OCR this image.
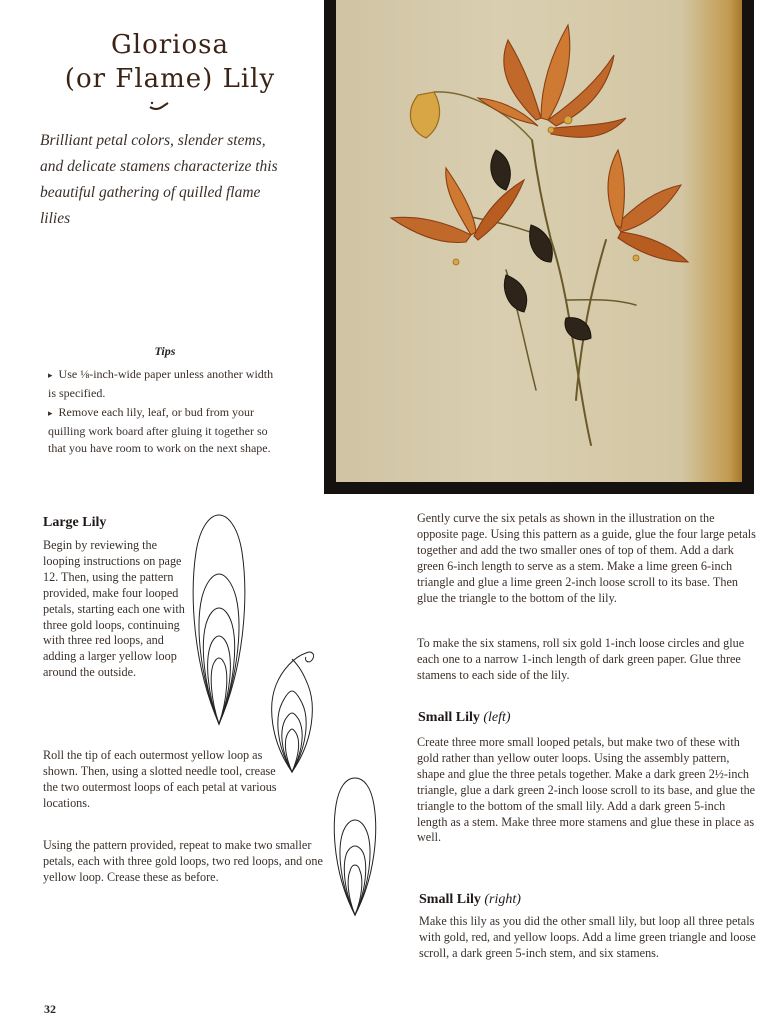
Gloriosa
(or Flame) Lily
Brilliant petal colors, slender stems, and delicate stamens characterize this beautiful gathering of quilled flame lilies
Tips
▸ Use ⅛-inch-wide paper unless another width is specified.
▸ Remove each lily, leaf, or bud from your quilling work board after gluing it together so that you have room to work on the next shape.
Large Lily

Begin by reviewing the looping instructions on page 12. Then, using the pattern provided, make four looped petals, starting each one with three gold loops, continuing with three red loops, and adding a larger yellow loop around the outside.

Roll the tip of each outermost yellow loop as shown. Then, using a slotted needle tool, crease the two outermost loops of each petal at various locations.

Using the pattern provided, repeat to make two smaller petals, each with three gold loops, two red loops, and one yellow loop. Crease these as before.

Gently curve the six petals as shown in the illustration on the opposite page. Using this pattern as a guide, glue the four large petals together and add the two smaller ones of top of them. Add a dark green 6-inch length to serve as a stem. Make a lime green 6-inch triangle and glue a lime green 2-inch loose scroll to its base. Then glue the triangle to the bottom of the lily.

To make the six stamens, roll six gold 1-inch loose circles and glue each one to a narrow 1-inch length of dark green paper. Glue three stamens to each side of the lily.

Small Lily (left)

Create three more small looped petals, but make two of these with gold rather than yellow outer loops. Using the assembly pattern, shape and glue the three petals together. Make a dark green 2½-inch triangle, glue a dark green 2-inch loose scroll to its base, and glue the triangle to the bottom of the small lily. Add a dark green 5-inch length as a stem. Make three more stamens and glue these in place as well.

Small Lily (right)

Make this lily as you did the other small lily, but loop all three petals with gold, red, and yellow loops. Add a lime green triangle and loose scroll, a dark green 5-inch stem, and six stamens.

32
